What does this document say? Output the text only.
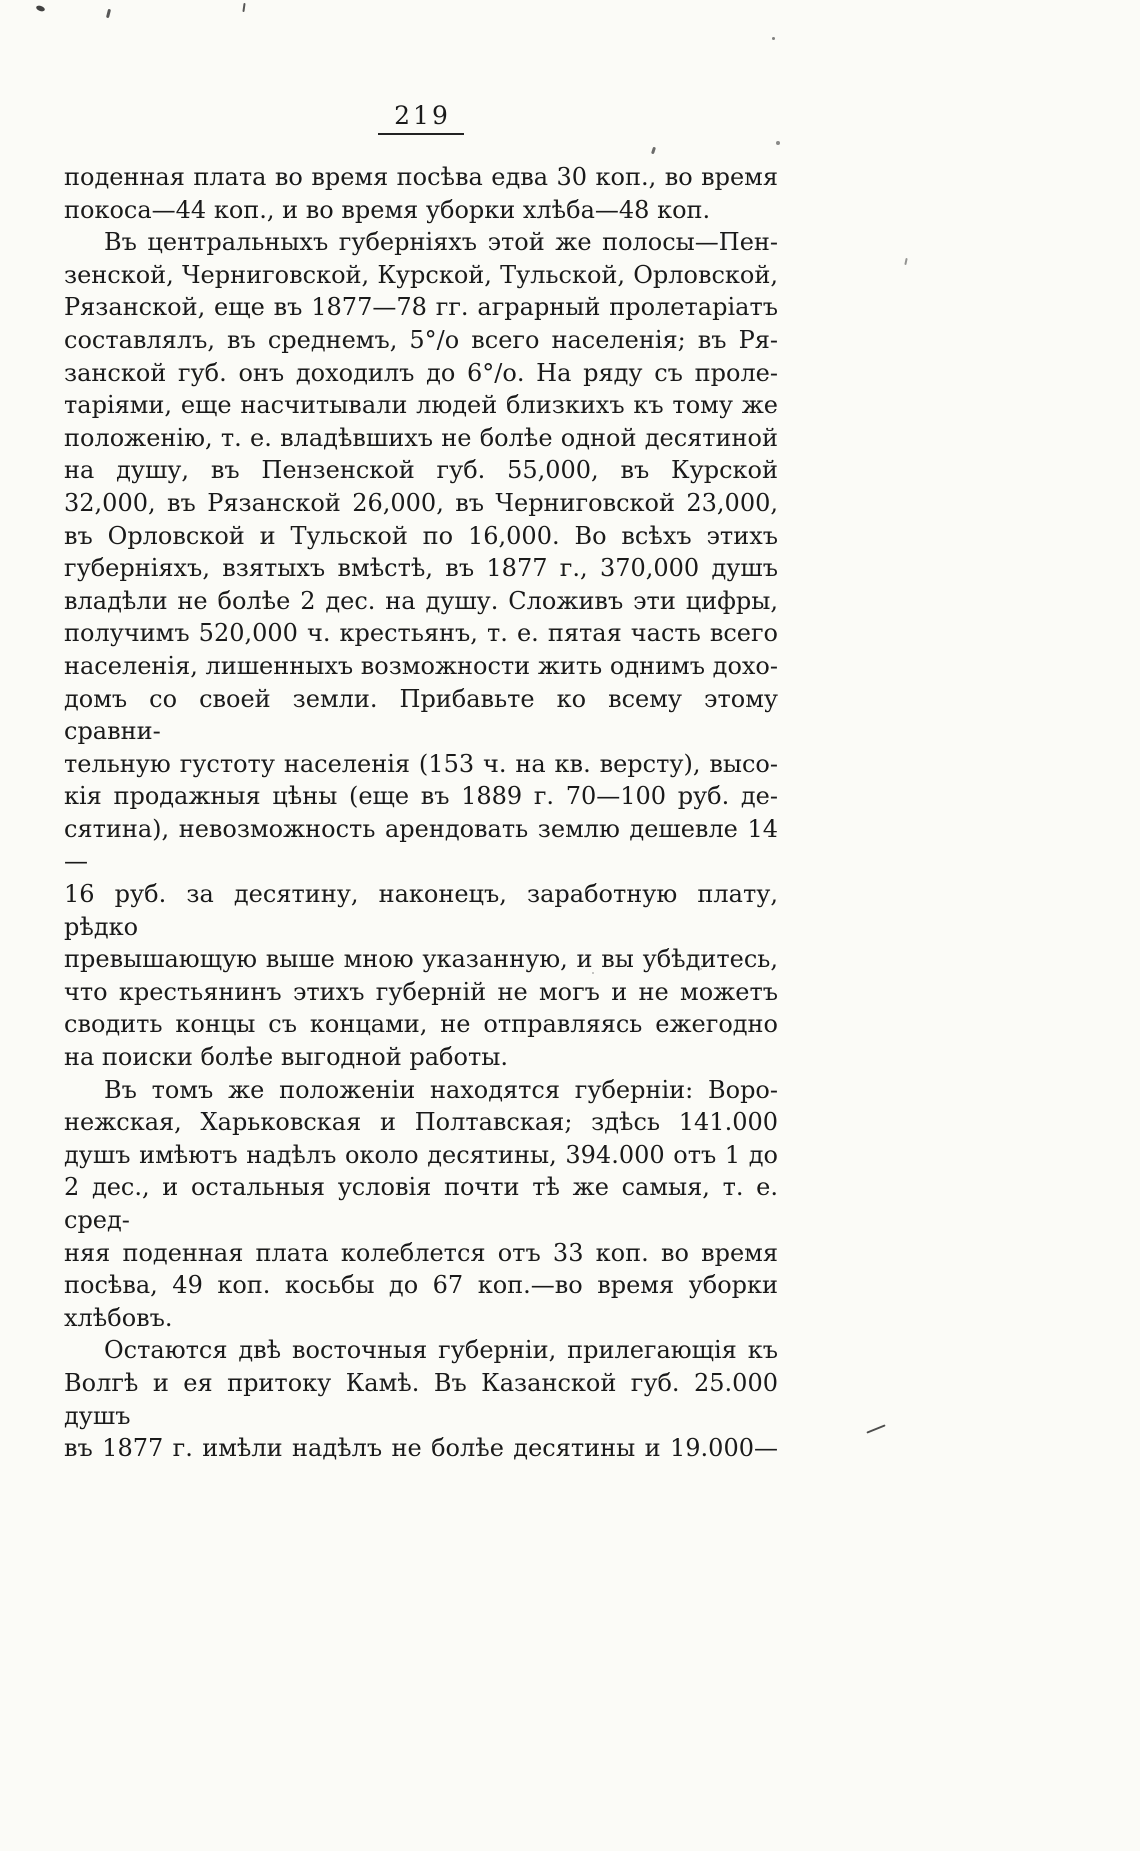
219
поденная плата во время посѣва едва 30 коп., во время
покоса—44 коп., и во время уборки хлѣба—48 коп.
Въ центральныхъ губерніяхъ этой же полосы—Пен-
зенской, Черниговской, Курской, Тульской, Орловской,
Рязанской, еще въ 1877—78 гг. аграрный пролетаріатъ
составлялъ, въ среднемъ, 5°/о всего населенія; въ Ря-
занской губ. онъ доходилъ до 6°/о. На ряду съ проле-
таріями, еще насчитывали людей близкихъ къ тому же
положенію, т. е. владѣвшихъ не болѣе одной десятиной
на душу, въ Пензенской губ. 55,000, въ Курской
32,000, въ Рязанской 26,000, въ Черниговской 23,000,
въ Орловской и Тульской по 16,000. Во всѣхъ этихъ
губерніяхъ, взятыхъ вмѣстѣ, въ 1877 г., 370,000 душъ
владѣли не болѣе 2 дес. на душу. Сложивъ эти цифры,
получимъ 520,000 ч. крестьянъ, т. е. пятая часть всего
населенія, лишенныхъ возможности жить однимъ дохо-
домъ со своей земли. Прибавьте ко всему этому сравни-
тельную густоту населенія (153 ч. на кв. версту), высо-
кія продажныя цѣны (еще въ 1889 г. 70—100 руб. де-
сятина), невозможность арендовать землю дешевле 14—
16 руб. за десятину, наконецъ, заработную плату, рѣдко
превышающую выше мною указанную, и вы убѣдитесь,
что крестьянинъ этихъ губерній не могъ и не можетъ
сводить концы съ концами, не отправляясь ежегодно
на поиски болѣе выгодной работы.
Въ томъ же положеніи находятся губерніи: Воро-
нежская, Харьковская и Полтавская; здѣсь 141.000
душъ имѣютъ надѣлъ около десятины, 394.000 отъ 1 до
2 дес., и остальныя условія почти тѣ же самыя, т. е. сред-
няя поденная плата колеблется отъ 33 коп. во время
посѣва, 49 коп. косьбы до 67 коп.—во время уборки
хлѣбовъ.
Остаются двѣ восточныя губерніи, прилегающія къ
Волгѣ и ея притоку Камѣ. Въ Казанской губ. 25.000 душъ
въ 1877 г. имѣли надѣлъ не болѣе десятины и 19.000—
